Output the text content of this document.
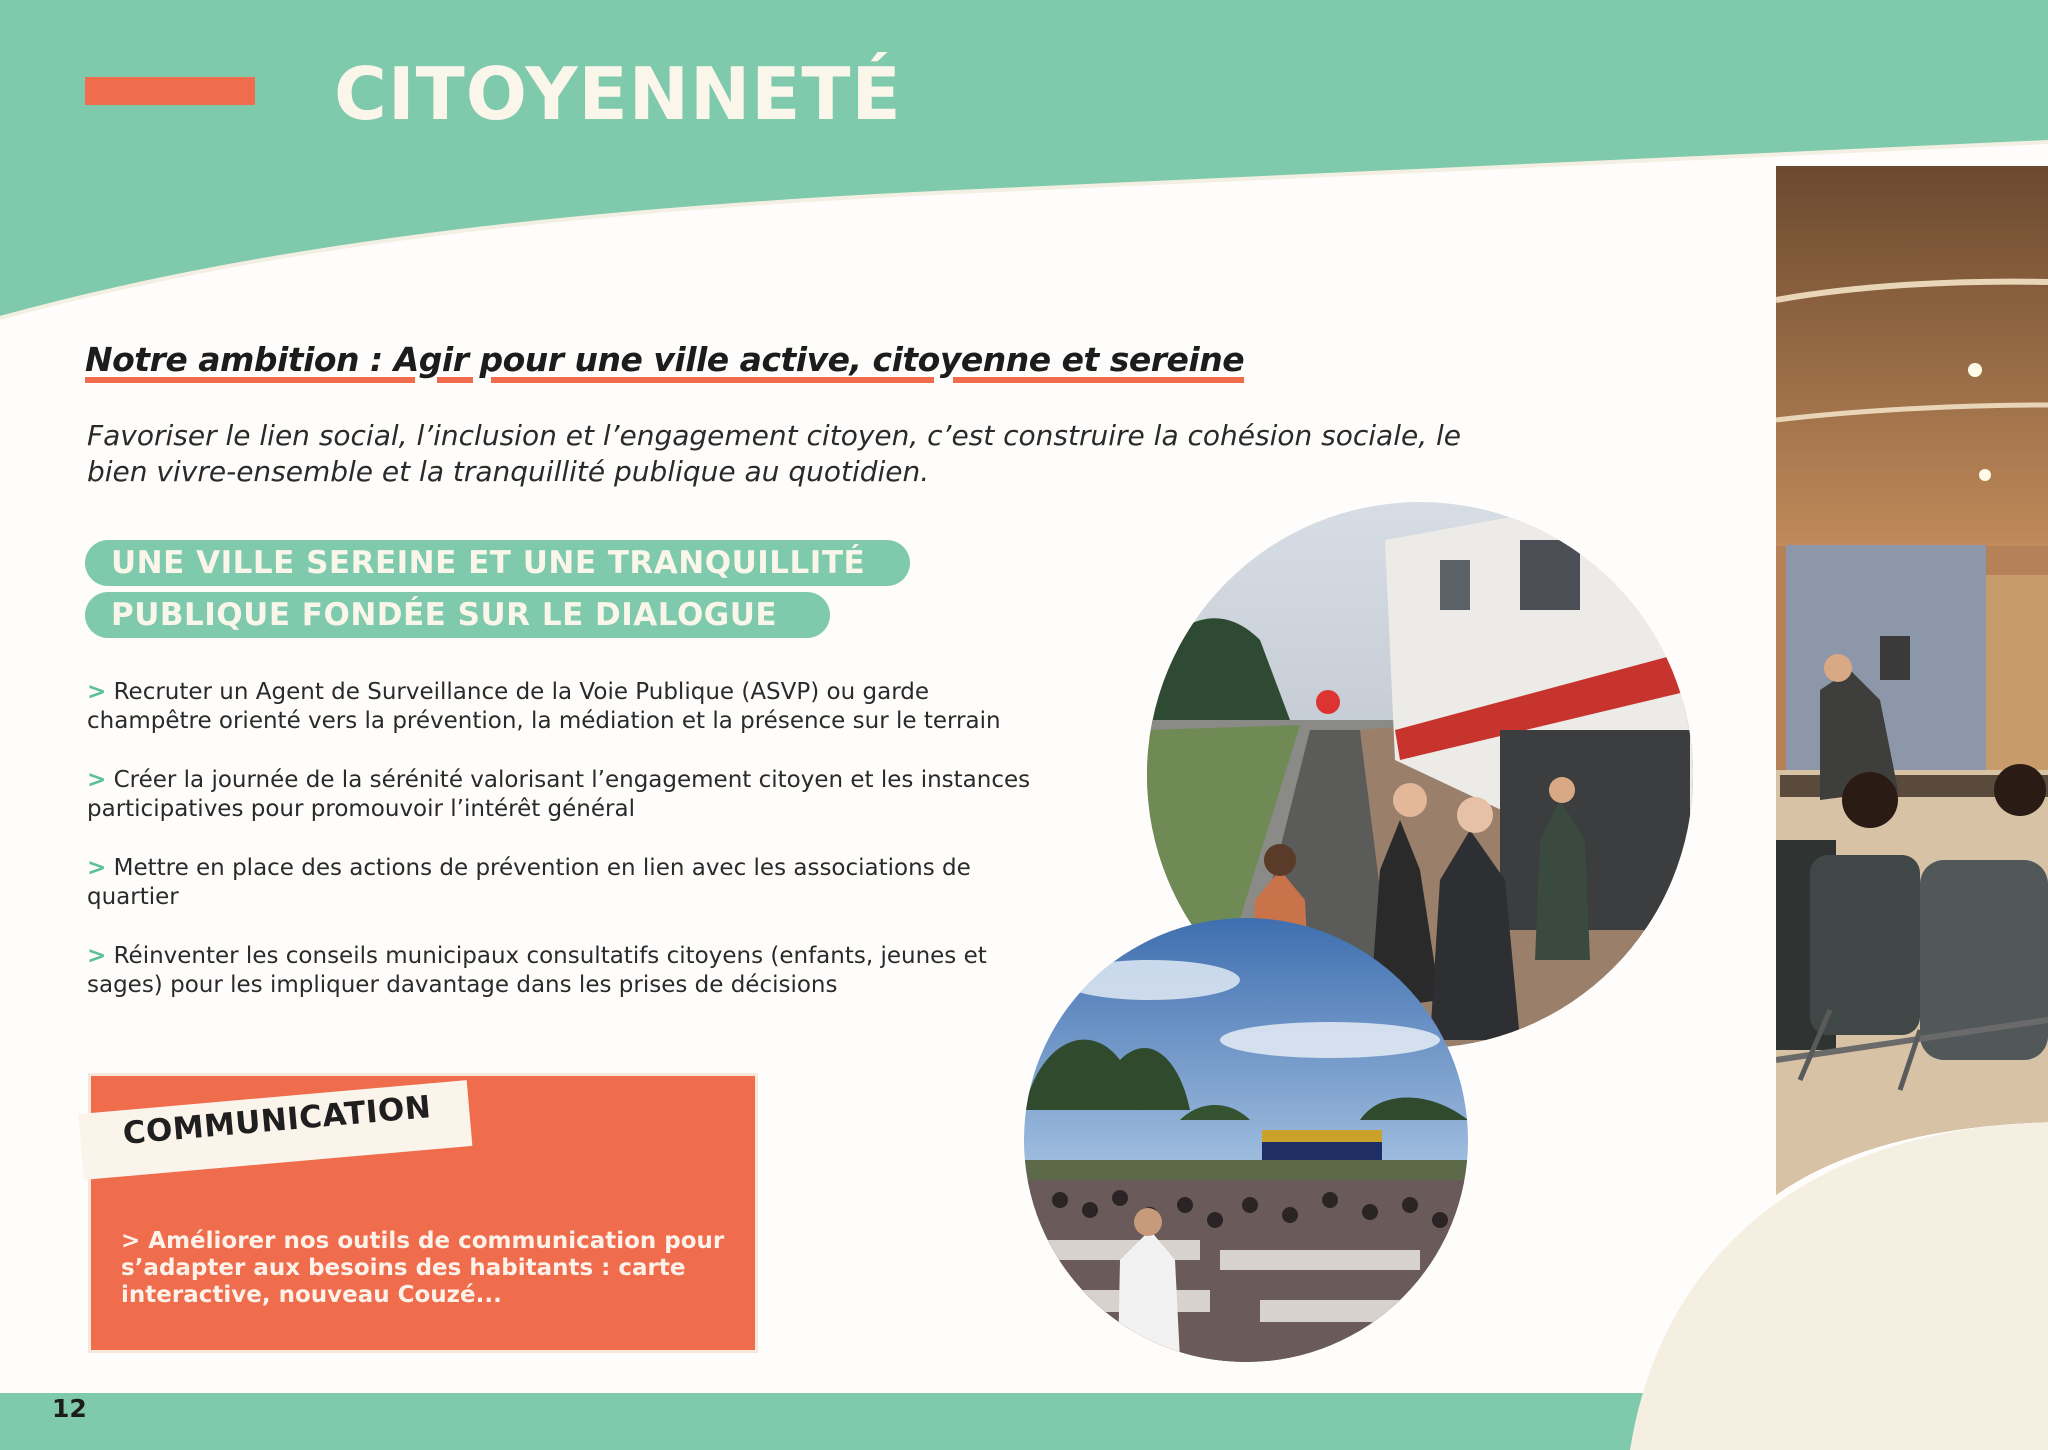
CITOYENNETÉ
Notre ambition : Agir pour une ville active, citoyenne et sereine

Favoriser le lien social, l’inclusion et l’engagement citoyen, c’est construire la cohésion sociale, le bien vivre-ensemble et la tranquillité publique au quotidien.

UNE VILLE SEREINE ET UNE TRANQUILLITÉ
PUBLIQUE FONDÉE SUR LE DIALOGUE
> Recruter un Agent de Surveillance de la Voie Publique (ASVP) ou garde champêtre orienté vers la prévention, la médiation et la présence sur le terrain
> Créer la journée de la sérénité valorisant l’engagement citoyen et les instances participatives pour promouvoir l’intérêt général
> Mettre en place des actions de prévention en lien avec les associations de quartier
> Réinventer les conseils municipaux consultatifs citoyens (enfants, jeunes et sages) pour les impliquer davantage dans les prises de décisions
COMMUNICATION

> Améliorer nos outils de communication pour s’adapter aux besoins des habitants : carte interactive, nouveau Couzé...

12
